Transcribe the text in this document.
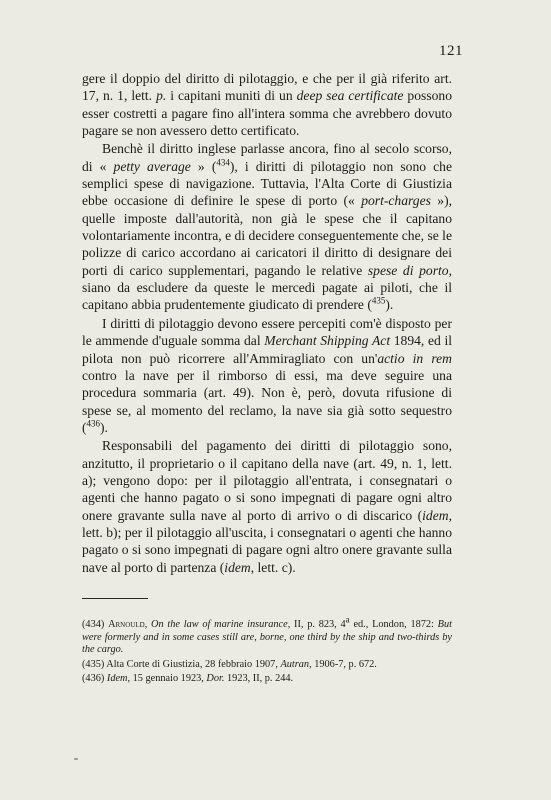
121

gere il doppio del diritto di pilotaggio, e che per il già riferito art. 17, n. 1, lett. p. i capitani muniti di un deep sea certificate possono esser costretti a pagare fino all'intera somma che avrebbero dovuto pagare se non avessero detto certificato.

Benchè il diritto inglese parlasse ancora, fino al secolo scorso, di « petty average » ($^{434}$), i diritti di pilotaggio non sono che semplici spese di navigazione. Tuttavia, l'Alta Corte di Giustizia ebbe occasione di definire le spese di porto (« port-charges »), quelle imposte dall'autorità, non già le spese che il capitano volontariamente incontra, e di decidere conseguentemente che, se le polizze di carico accordano ai caricatori il diritto di designare dei porti di carico supplementari, pagando le relative spese di porto, siano da escludere da queste le mercedi pagate ai piloti, che il capitano abbia prudentemente giudicato di prendere ($^{435}$).

I diritti di pilotaggio devono essere percepiti com'è disposto per le ammende d'uguale somma dal Merchant Shipping Act 1894, ed il pilota non può ricorrere all'Ammiragliato con un'actio in rem contro la nave per il rimborso di essi, ma deve seguire una procedura sommaria (art. 49). Non è, però, dovuta rifusione di spese se, al momento del reclamo, la nave sia già sotto sequestro ($^{436}$).

Responsabili del pagamento dei diritti di pilotaggio sono, anzitutto, il proprietario o il capitano della nave (art. 49, n. 1, lett. a); vengono dopo: per il pilotaggio all'entrata, i consegnatari o agenti che hanno pagato o si sono impegnati di pagare ogni altro onere gravante sulla nave al porto di arrivo o di discarico (idem, lett. b); per il pilotaggio all'uscita, i consegnatari o agenti che hanno pagato o si sono impegnati di pagare ogni altro onere gravante sulla nave al porto di partenza (idem, lett. c).

(434) Arnould, On the law of marine insurance, II, p. 823, 4$^a$ ed., London, 1872: But were formerly and in some cases still are, borne, one third by the ship and two-thirds by the cargo.

(435) Alta Corte di Giustizia, 28 febbraio 1907, Autran, 1906-7, p. 672.

(436) Idem, 15 gennaio 1923, Dor. 1923, II, p. 244.
